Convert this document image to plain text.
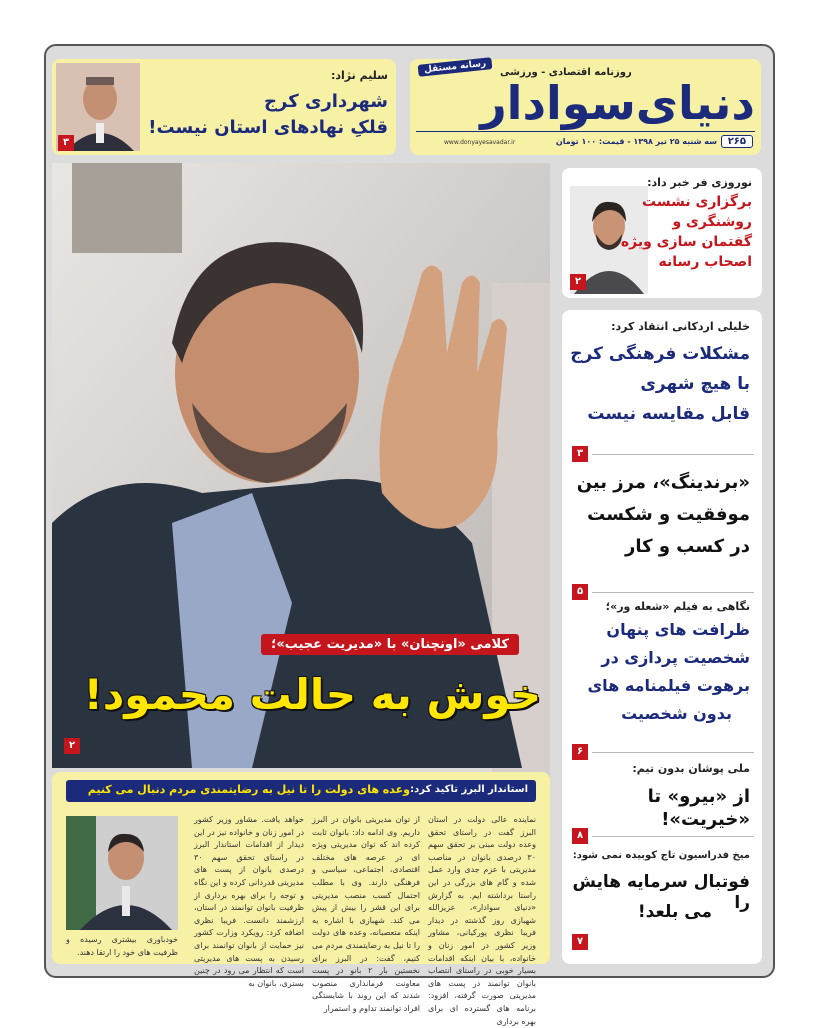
رسانه مستقل	روزنامه اقتصادی - ورزشی
دنیای‌سوادار
۲۶۵
سه شنبه ۲۵ تیر ۱۳۹۸ - قیمت: ۱۰۰ تومان
www.donyayesavadar.ir
۳
سلیم نژاد:
شهرداری کرج
قلکِ نهادهای استان نیست!
کلامی «اونچنان» با «مدیریت عجیب»؛
خوش به حالت محمود!
۲
نوروزی فر خبر داد:
برگزاری نشست
روشنگری و
گفتمان سازی ویژه
اصحاب رسانه
۲
خلیلی اردکانی انتقاد کرد:
مشکلات فرهنگی کرج
با هیچ شهری
قابل مقایسه نیست
۳
«برندینگ»، مرز بین
موفقیت و شکست
در کسب و کار
۵
نگاهی به فیلم «شعله ور»؛
ظرافت های پنهان
شخصیت پردازی در
برهوت فیلمنامه های
بدون شخصیت
۶
ملی پوشان بدون تیم:
از «بیرو» تا «خیریت»!
۸
میخ فدراسیون تاج کوبیده نمی شود:
فوتبال سرمایه هایش را
می بلعد!
۷
استاندار البرز تاکید کرد:
وعده های دولت را تا نیل به رضایتمندی مردم دنبال می کنیم
نماینده عالی دولت در استان البرز گفت در راستای تحقق وعده دولت مبنی بر تحقق سهم ۳۰ درصدی بانوان در مناصب مدیریتی با عزم جدی وارد عمل شده و گام های بزرگی در این راستا برداشته ایم. به گزارش «دنیای سوادار»، عزیزالله شهبازی روز گذشته در دیدار فریبا نظری پورکیانی، مشاور وزیر کشور در امور زنان و خانواده، با بیان اینکه اقدامات بسیار خوبی در راستای انتصاب بانوان توانمند در پست های مدیریتی صورت گرفته، افزود: برنامه های گسترده ای برای بهره برداری
از توان مدیریتی بانوان در البرز داریم. وی ادامه داد: بانوان ثابت کرده اند که توان مدیریتی ویژه ای در عرصه های مختلف اقتصادی، اجتماعی، سیاسی و فرهنگی دارند. وی با مطلب احتمال کسب منصب مدیریتی برای این قشر را بیش از پیش می کند. شهبازی با اشاره به اینکه متعصبانه، وعده های دولت را تا نیل به رضایتمندی مردم می کنیم، گفت: در البرز برای نخستین بار ۲ بانو در پست معاونت فرمانداری منصوب شدند که این روند با شایستگی افراد توانمند تداوم و استمرار
خواهد یافت. مشاور وزیر کشور در امور زنان و خانواده نیز در این دیدار از اقدامات استاندار البرز در راستای تحقق سهم ۳۰ درصدی بانوان از پست های مدیریتی قدردانی کرده و این نگاه و توجه را برای بهره برداری از ظرفیت بانوان توانمند در استان، ارزشمند دانست. فریبا نظری اضافه کرد: رویکرد وزارت کشور نیز حمایت از بانوان توانمند برای رسیدن به پست های مدیریتی است که انتظار می رود در چنین بستری، بانوان به
خودباوری بیشتری رسیده و ظرفیت های خود را ارتقا دهند.
